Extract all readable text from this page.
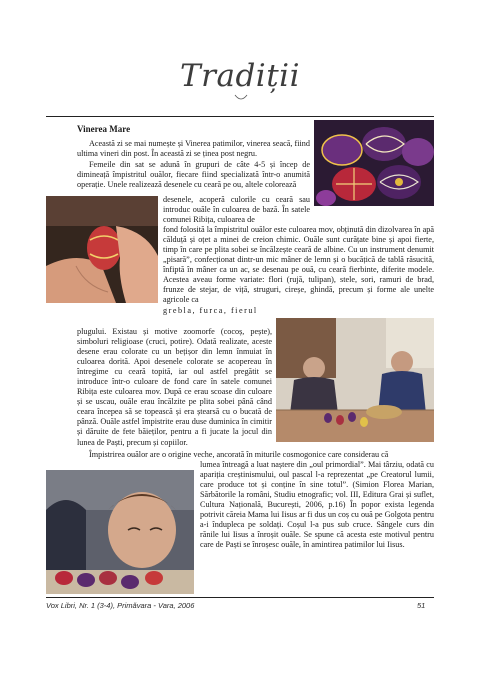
Tradiții

Vinerea Mare

Această zi se mai numește și Vinerea patimilor, vinerea seacă, fiind ultima vineri din post. În această zi se ținea post negru.

Femeile din sat se adună în grupuri de câte 4-5 și încep de dimineață împistritul ouălor, fiecare fiind specializată într-o anumită operație. Unele realizează desenele cu ceară pe ou, altele colorează

desenele, acoperă culorile cu ceară sau introduc ouăle în culoarea de bază. În satele comunei Ribița, culoarea de

fond folosită la împistritul ouălor este culoarea mov, obținută din dizolvarea în apă călduță și oțet a minei de creion chimic. Ouăle sunt curățate bine și apoi fierte, timp în care pe plita sobei se încălzește ceară de albine. Cu un instrument denumit „pisară”, confecționat dintr-un mic mâner de lemn și o bucățică de tablă răsucită, înfiptă în mâner ca un ac, se desenau pe ouă, cu ceară fierbinte, diferite modele. Acestea aveau forme variate: flori (rujă, tulipan), stele, sori, ramuri de brad, frunze de stejar, de viță, struguri, cireșe, ghindă, precum și forme ale unelte agricole ca

grebla, furca, fierul

plugului. Existau și motive zoomorfe (cocoș, pește), simboluri religioase (cruci, potire). Odată realizate, aceste desene erau colorate cu un bețișor din lemn înmuiat în culoarea dorită. Apoi desenele colorate se acopereau în întregime cu ceară topită, iar oul astfel pregătit se introduce într-o culoare de fond care în satele comunei Ribița este culoarea mov. După ce erau scoase din culoare și se uscau, ouăle erau încălzite pe plita sobei până când ceara începea să se topească și era ștearsă cu o bucată de pânză. Ouăle astfel împistrite erau duse duminica în cimitir și dăruite de fete băieților, pentru a fi jucate la jocul din lunea de Paști, precum și copiilor.

Împistrirea ouălor are o origine veche, ancorată în miturile cosmogonice care considerau că

lumea întreagă a luat naștere din „oul primordial”. Mai târziu, odată cu apariția creștinismului, oul pascal l-a reprezentat „pe Creatorul lumii, care produce tot și conține în sine totul”. (Simion Florea Marian, Sărbătorile la români, Studiu etnografic; vol. III, Editura Grai și suflet, Cultura Națională, București, 2006, p.16) În popor exista legenda potrivit căreia Mama lui Iisus ar fi dus un coș cu ouă pe Golgota pentru a-i îndupleca pe soldați. Coșul l-a pus sub cruce. Sângele curs din rănile lui Iisus a înroșit ouăle. Se spune că acesta este motivul pentru care de Paști se înroșesc ouăle, în amintirea patimilor lui Iisus.

Vox Libri, Nr. 1 (3-4), Primăvara - Vara, 2006	51
